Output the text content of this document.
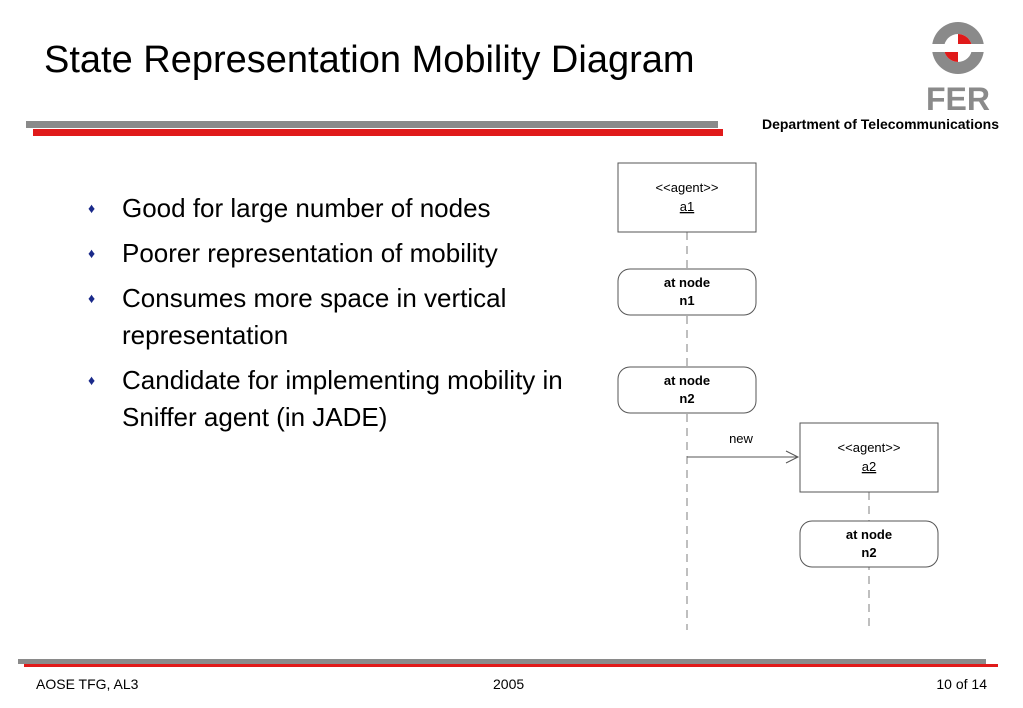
State Representation Mobility Diagram
FER
Department of Telecommunications
♦ Good for large number of nodes
♦ Poorer representation of mobility
♦ Consumes more space in vertical representation
♦ Candidate for implementing mobility in Sniffer agent (in JADE)
<<agent>>
a1
at node
n1
at node
n2
new
<<agent>>
a2
at node
n2
AOSE TFG, AL3	2005	10 of 14
